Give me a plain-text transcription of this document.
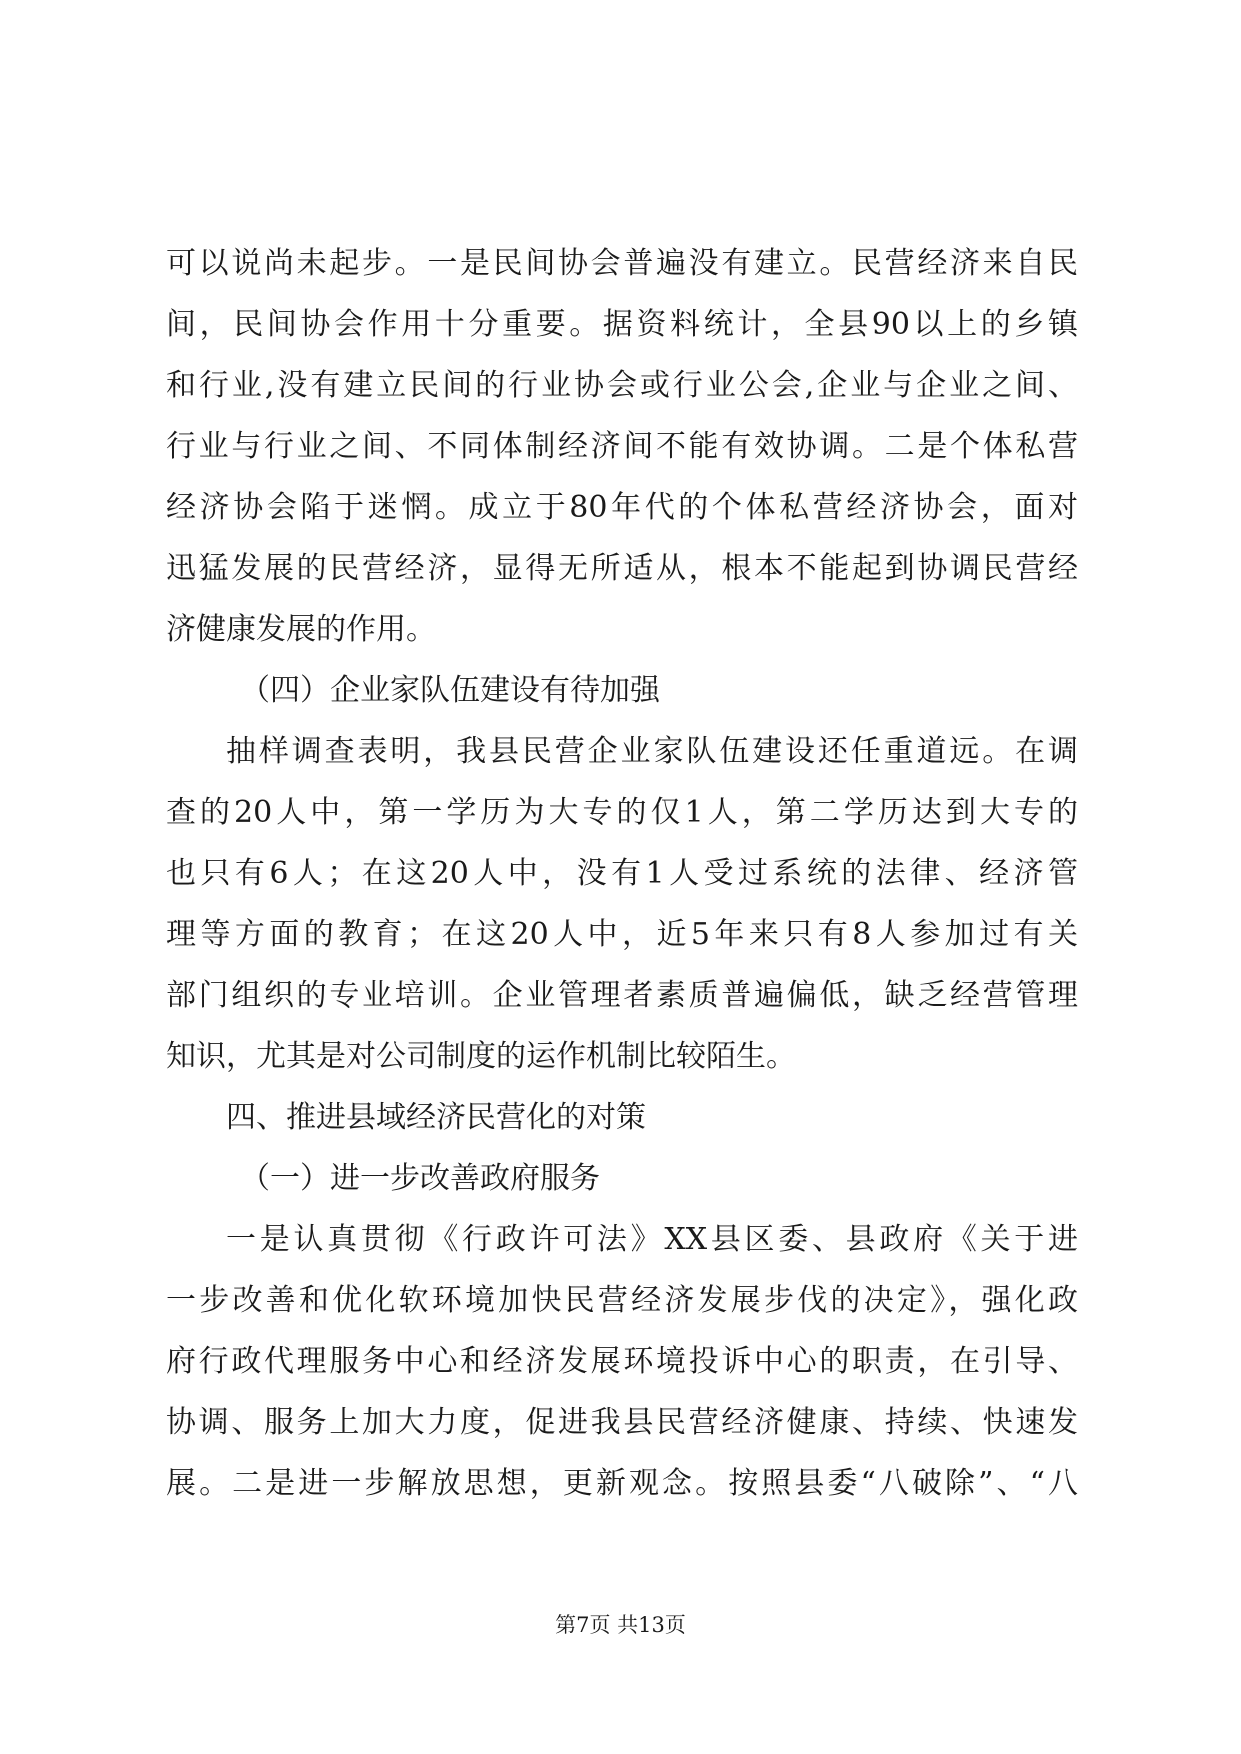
可以说尚未起步。一是民间协会普遍没有建立。民营经济来自民
间，民间协会作用十分重要。据资料统计，全县90以上的乡镇
和行业,没有建立民间的行业协会或行业公会,企业与企业之间、
行业与行业之间、不同体制经济间不能有效协调。二是个体私营
经济协会陷于迷惘。成立于80年代的个体私营经济协会，面对
迅猛发展的民营经济，显得无所适从，根本不能起到协调民营经
济健康发展的作用。
（四）企业家队伍建设有待加强
抽样调查表明，我县民营企业家队伍建设还任重道远。在调
查的20人中，第一学历为大专的仅1人，第二学历达到大专的
也只有6人；在这20人中，没有1人受过系统的法律、经济管
理等方面的教育；在这20人中，近5年来只有8人参加过有关
部门组织的专业培训。企业管理者素质普遍偏低，缺乏经营管理
知识，尤其是对公司制度的运作机制比较陌生。
四、推进县域经济民营化的对策
（一）进一步改善政府服务
一是认真贯彻《行政许可法》XX县区委、县政府《关于进
一步改善和优化软环境加快民营经济发展步伐的决定》，强化政
府行政代理服务中心和经济发展环境投诉中心的职责，在引导、
协调、服务上加大力度，促进我县民营经济健康、持续、快速发
展。二是进一步解放思想，更新观念。按照县委“八破除”、“八
第7页 共13页
